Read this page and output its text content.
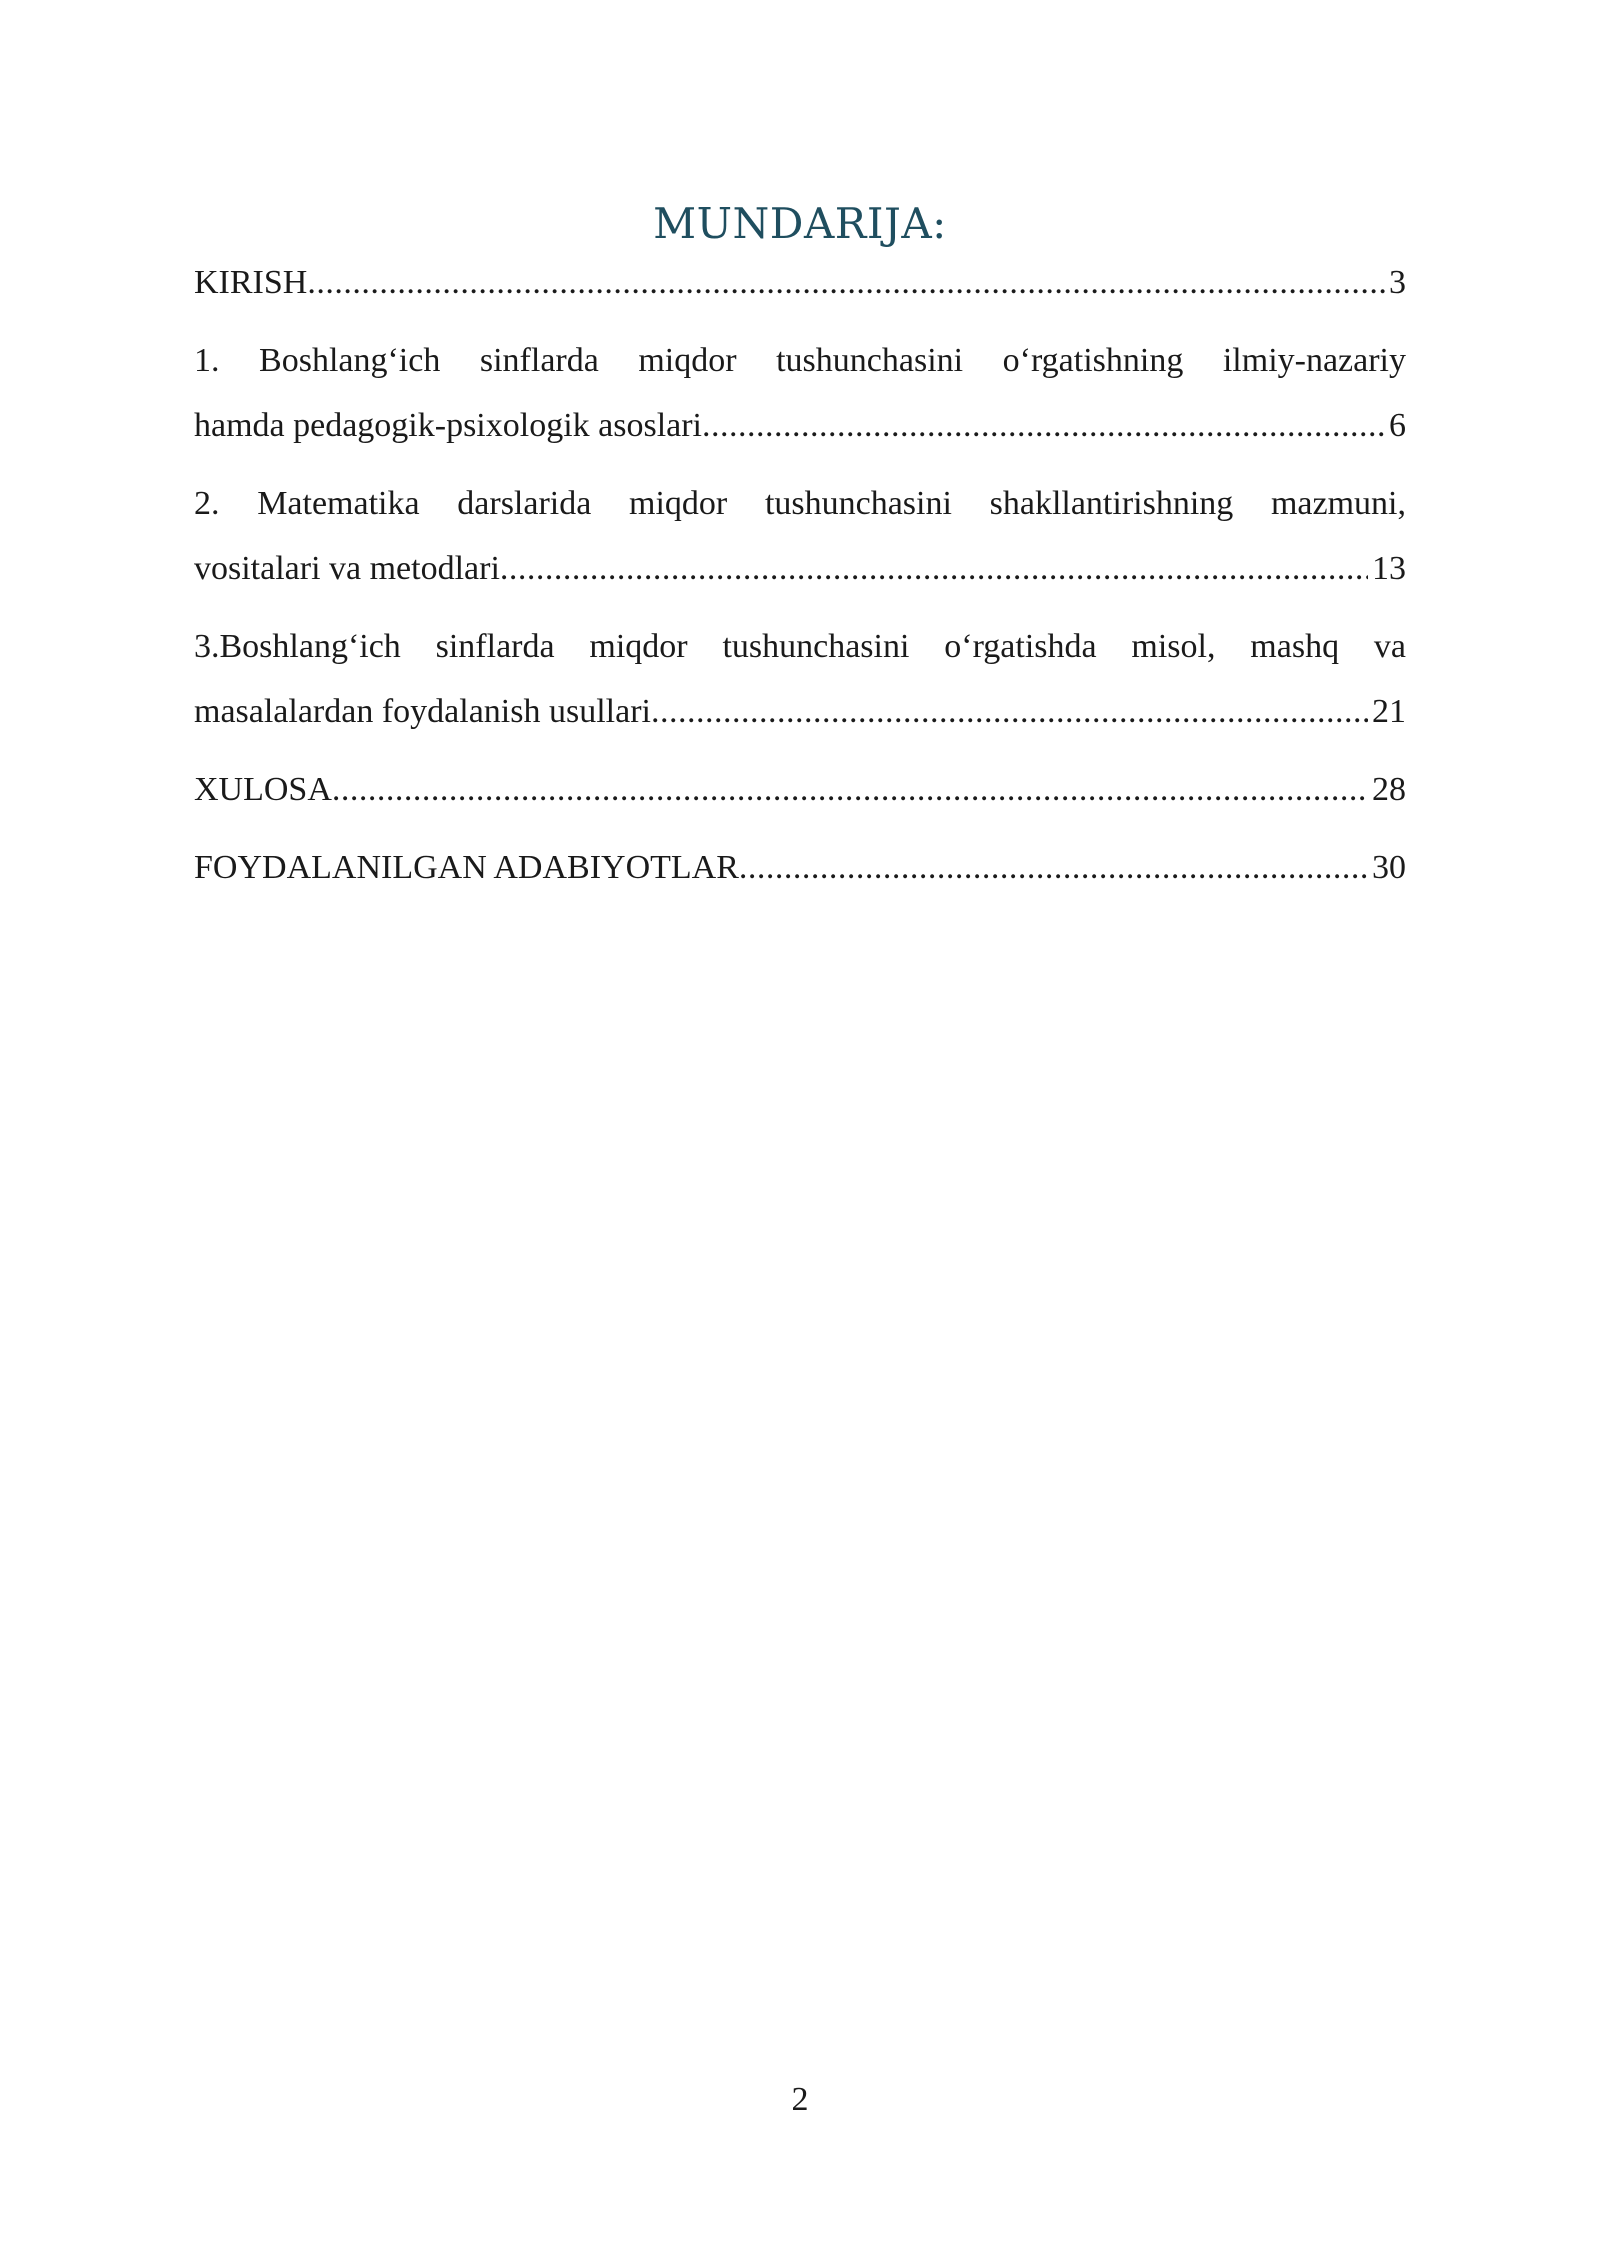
MUNDARIJA:
KIRISH .....	3
1. Boshlang‘ich sinflarda miqdor tushunchasini o‘rgatishning ilmiy-nazariy
hamda pedagogik-psixologik asoslari .....	6
2. Matematika darslarida miqdor tushunchasini shakllantirishning mazmuni,
vositalari va metodlari .....	13
3.Boshlang‘ich sinflarda miqdor tushunchasini o‘rgatishda misol, mashq va
masalalardan foydalanish usullari .....	21
XULOSA .....	28
FOYDALANILGAN ADABIYOTLAR .....	30
2
